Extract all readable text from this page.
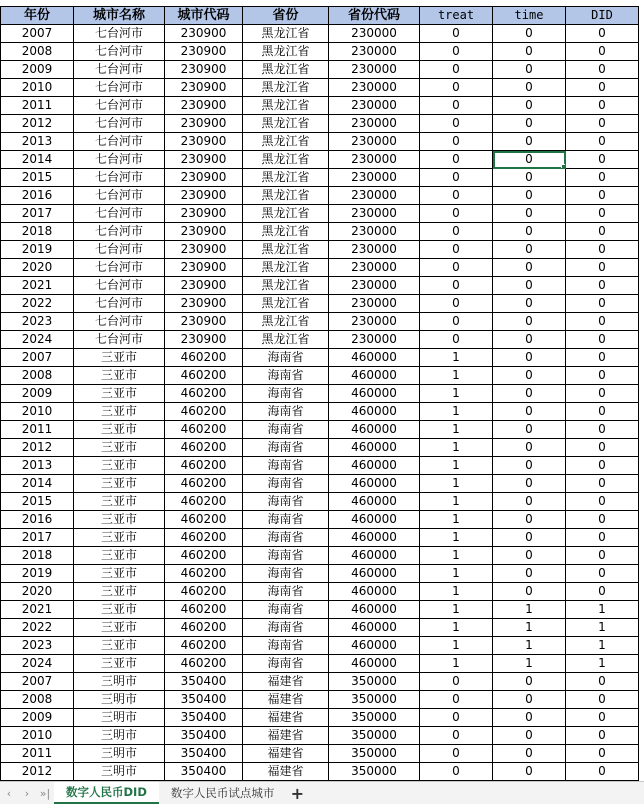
年份	城市名称	城市代码	省份	省份代码	treat	time	DID
2007	七台河市	230900	黑龙江省	230000	0	0	0
2008	七台河市	230900	黑龙江省	230000	0	0	0
2009	七台河市	230900	黑龙江省	230000	0	0	0
2010	七台河市	230900	黑龙江省	230000	0	0	0
2011	七台河市	230900	黑龙江省	230000	0	0	0
2012	七台河市	230900	黑龙江省	230000	0	0	0
2013	七台河市	230900	黑龙江省	230000	0	0	0
2014	七台河市	230900	黑龙江省	230000	0	0	0
2015	七台河市	230900	黑龙江省	230000	0	0	0
2016	七台河市	230900	黑龙江省	230000	0	0	0
2017	七台河市	230900	黑龙江省	230000	0	0	0
2018	七台河市	230900	黑龙江省	230000	0	0	0
2019	七台河市	230900	黑龙江省	230000	0	0	0
2020	七台河市	230900	黑龙江省	230000	0	0	0
2021	七台河市	230900	黑龙江省	230000	0	0	0
2022	七台河市	230900	黑龙江省	230000	0	0	0
2023	七台河市	230900	黑龙江省	230000	0	0	0
2024	七台河市	230900	黑龙江省	230000	0	0	0
2007	三亚市	460200	海南省	460000	1	0	0
2008	三亚市	460200	海南省	460000	1	0	0
2009	三亚市	460200	海南省	460000	1	0	0
2010	三亚市	460200	海南省	460000	1	0	0
2011	三亚市	460200	海南省	460000	1	0	0
2012	三亚市	460200	海南省	460000	1	0	0
2013	三亚市	460200	海南省	460000	1	0	0
2014	三亚市	460200	海南省	460000	1	0	0
2015	三亚市	460200	海南省	460000	1	0	0
2016	三亚市	460200	海南省	460000	1	0	0
2017	三亚市	460200	海南省	460000	1	0	0
2018	三亚市	460200	海南省	460000	1	0	0
2019	三亚市	460200	海南省	460000	1	0	0
2020	三亚市	460200	海南省	460000	1	0	0
2021	三亚市	460200	海南省	460000	1	1	1
2022	三亚市	460200	海南省	460000	1	1	1
2023	三亚市	460200	海南省	460000	1	1	1
2024	三亚市	460200	海南省	460000	1	1	1
2007	三明市	350400	福建省	350000	0	0	0
2008	三明市	350400	福建省	350000	0	0	0
2009	三明市	350400	福建省	350000	0	0	0
2010	三明市	350400	福建省	350000	0	0	0
2011	三明市	350400	福建省	350000	0	0	0
2012	三明市	350400	福建省	350000	0	0	0
‹	› »|	数字人民币DID	数字人民币试点城市	+
